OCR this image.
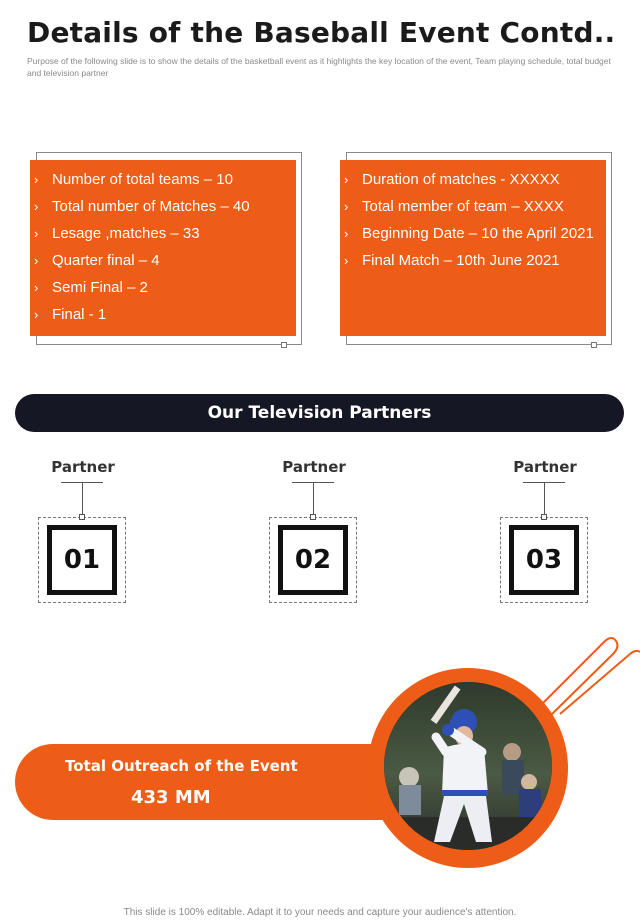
Details of the Baseball Event Contd..
Purpose of the following slide is to show the details of the basketball event as it highlights the key location of the event, Team playing schedule, total budget and television partner
› Number of total teams – 10
› Total number of Matches – 40
› Lesage ,matches – 33
› Quarter final – 4
› Semi Final – 2
› Final - 1
› Duration of matches - XXXXX
› Total member of team – XXXX
› Beginning Date – 10 the April 2021
› Final Match – 10th June 2021
Our Television Partners
Partner
01
Partner
02
Partner
03
Total Outreach of the Event
433 MM
This slide is 100% editable. Adapt it to your needs and capture your audience's attention.
